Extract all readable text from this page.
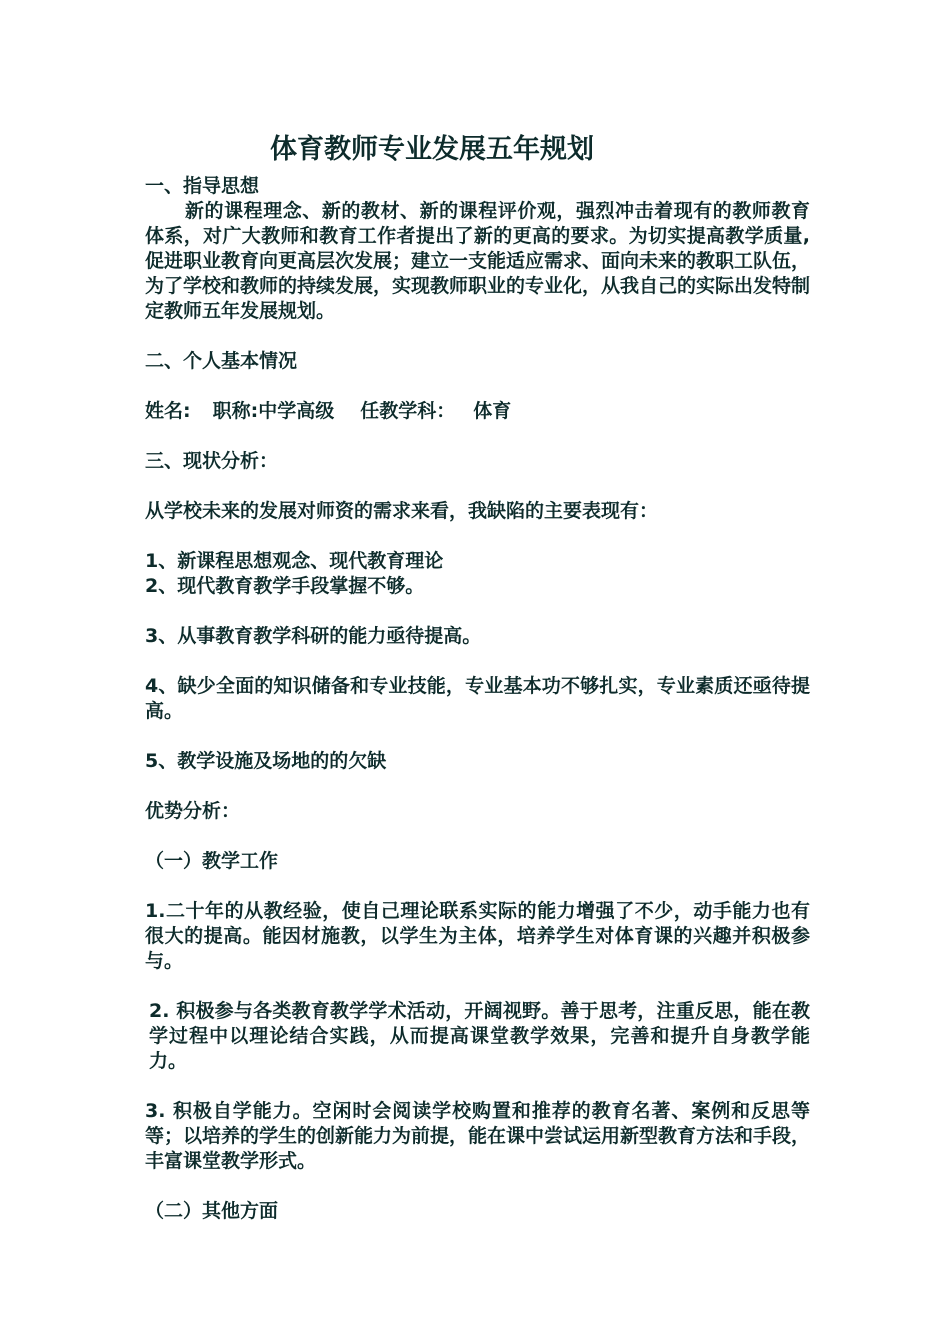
体育教师专业发展五年规划

一、指导思想

新的课程理念、新的教材、新的课程评价观，强烈冲击着现有的教师教育体系，对广大教师和教育工作者提出了新的更高的要求。为切实提高教学质量,促进职业教育向更高层次发展；建立一支能适应需求、面向未来的教职工队伍，为了学校和教师的持续发展，实现教师职业的专业化，从我自己的实际出发特制定教师五年发展规划。

二、个人基本情况

姓名: 职称:中学高级 任教学科： 体育

三、现状分析：

从学校未来的发展对师资的需求来看，我缺陷的主要表现有：

1、新课程思想观念、现代教育理论

2、现代教育教学手段掌握不够。

3、从事教育教学科研的能力亟待提高。

4、缺少全面的知识储备和专业技能，专业基本功不够扎实，专业素质还亟待提高。

5、教学设施及场地的的欠缺

优势分析：

（一）教学工作

1.二十年的从教经验，使自己理论联系实际的能力增强了不少，动手能力也有很大的提高。能因材施教，以学生为主体，培养学生对体育课的兴趣并积极参与。

2. 积极参与各类教育教学学术活动，开阔视野。善于思考，注重反思，能在教学过程中以理论结合实践，从而提高课堂教学效果，完善和提升自身教学能力。

3. 积极自学能力。空闲时会阅读学校购置和推荐的教育名著、案例和反思等等；以培养的学生的创新能力为前提，能在课中尝试运用新型教育方法和手段，丰富课堂教学形式。

（二）其他方面
